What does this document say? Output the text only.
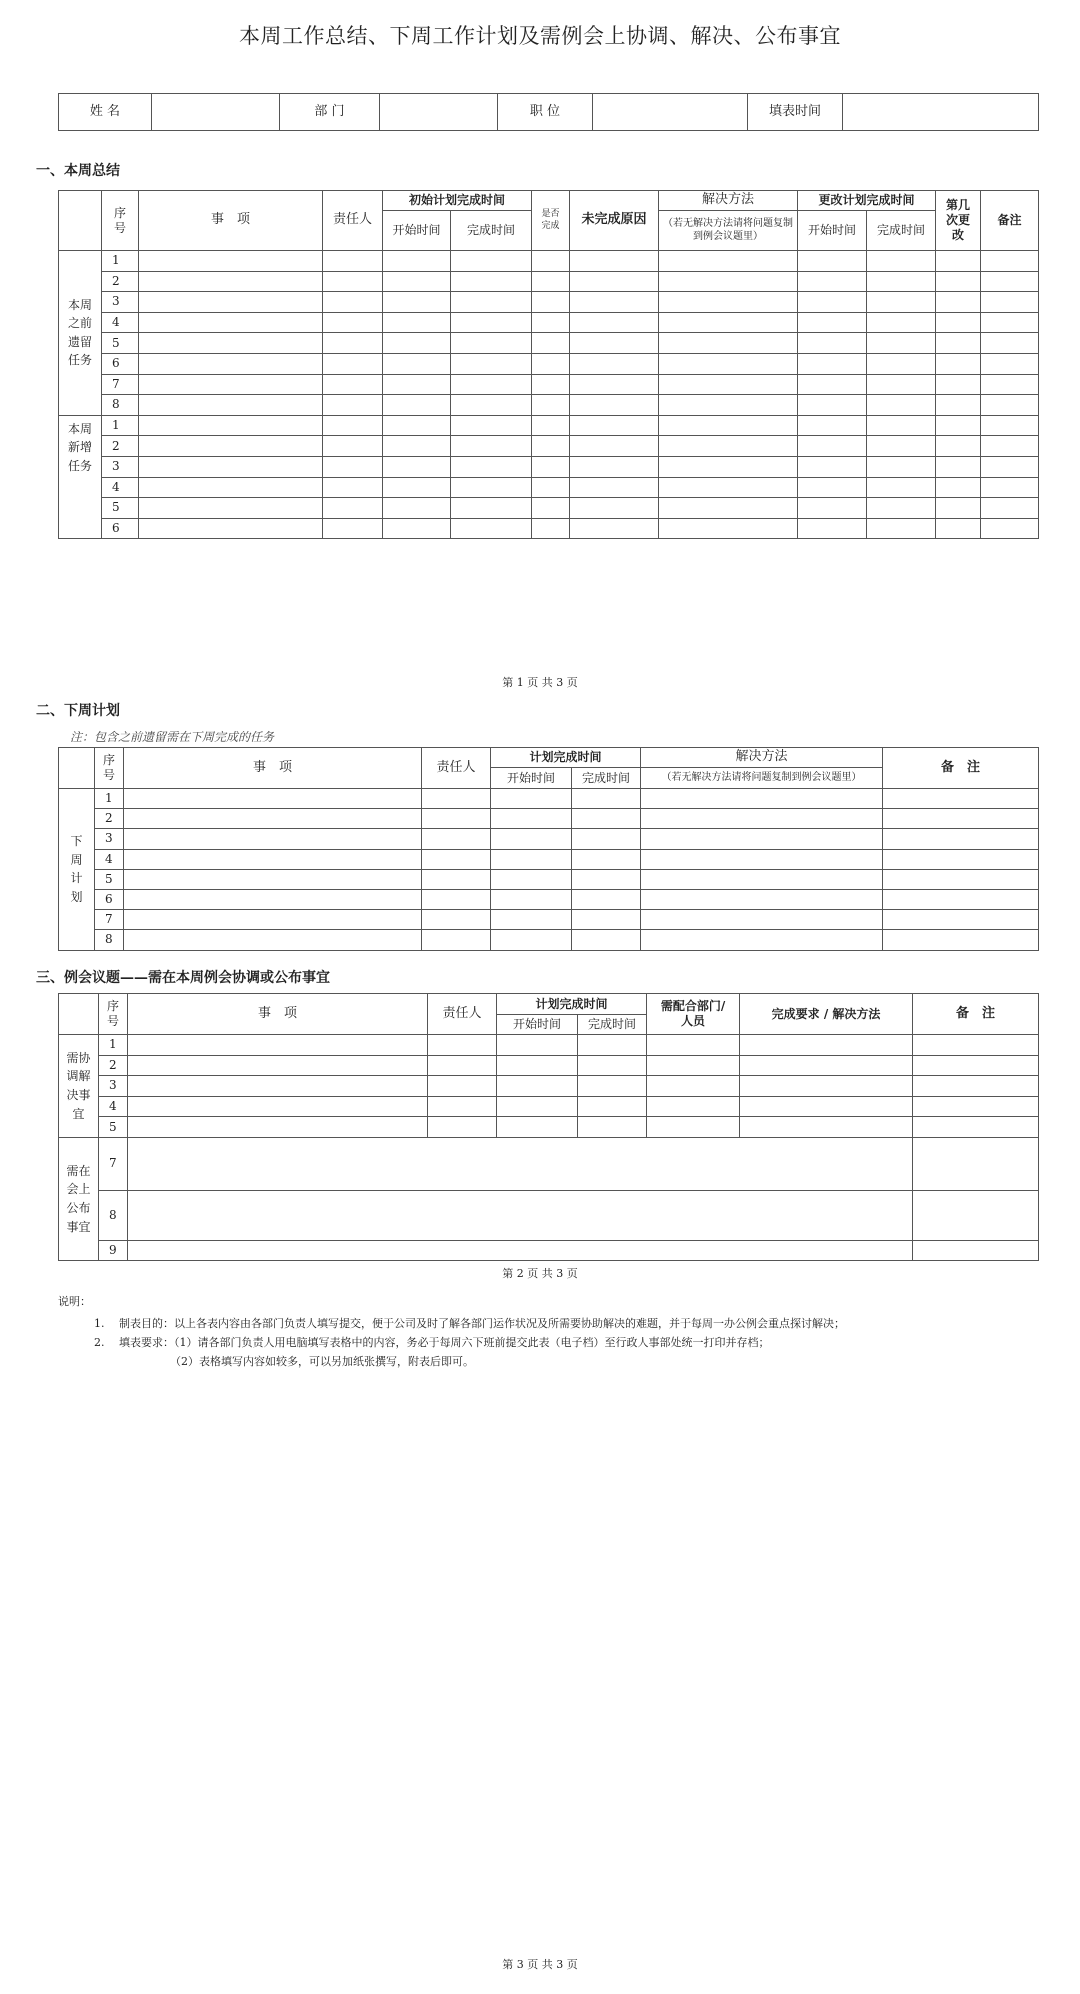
本周工作总结、下周工作计划及需例会上协调、解决、公布事宜
姓 名		部 门		职 位		填表时间	
一、本周总结
	序
号	事　项	责任人	初始计划完成时间		是否
完成	未完成原因	解决方法	更改计划完成时间		第几
次更
改	备注
				开始时间	完成时间			（若无解决方法请将问题复制到例会议题里）	开始时间	完成时间		
本周
之前
遗留
任务	1											
	2											
	3											
	4											
	5											
	6											
	7											
	8											
本周
新增
任务	1											
	2											
	3											
	4											
	5											
	6											
第 1 页 共 3 页
二、下周计划
注：包含之前遗留需在下周完成的任务
	序
号	事　项	责任人	计划完成时间		解决方法	备　注
				开始时间	完成时间	（若无解决方法请将问题复制到例会议题里）	
下
周
计
划	1						
	2						
	3						
	4						
	5						
	6						
	7						
	8						
三、例会议题——需在本周例会协调或公布事宜
	序
号	事　项	责任人	计划完成时间		需配合部门/
人员	完成要求 / 解决方法	备　注
				开始时间	完成时间			
需协
调解
决事
宜	1							
	2							
	3							
	4							
	5							
需在
会上
公布
事宜	7							
	8							
	9							
第 2 页 共 3 页
说明：
1.　 制表目的：以上各表内容由各部门负责人填写提交，便于公司及时了解各部门运作状况及所需要协助解决的难题，并于每周一办公例会重点探讨解决；
2.　 填表要求：（1）请各部门负责人用电脑填写表格中的内容，务必于每周六下班前提交此表（电子档）至行政人事部处统一打印并存档；
（2）表格填写内容如较多，可以另加纸张撰写，附表后即可。
第 3 页 共 3 页
